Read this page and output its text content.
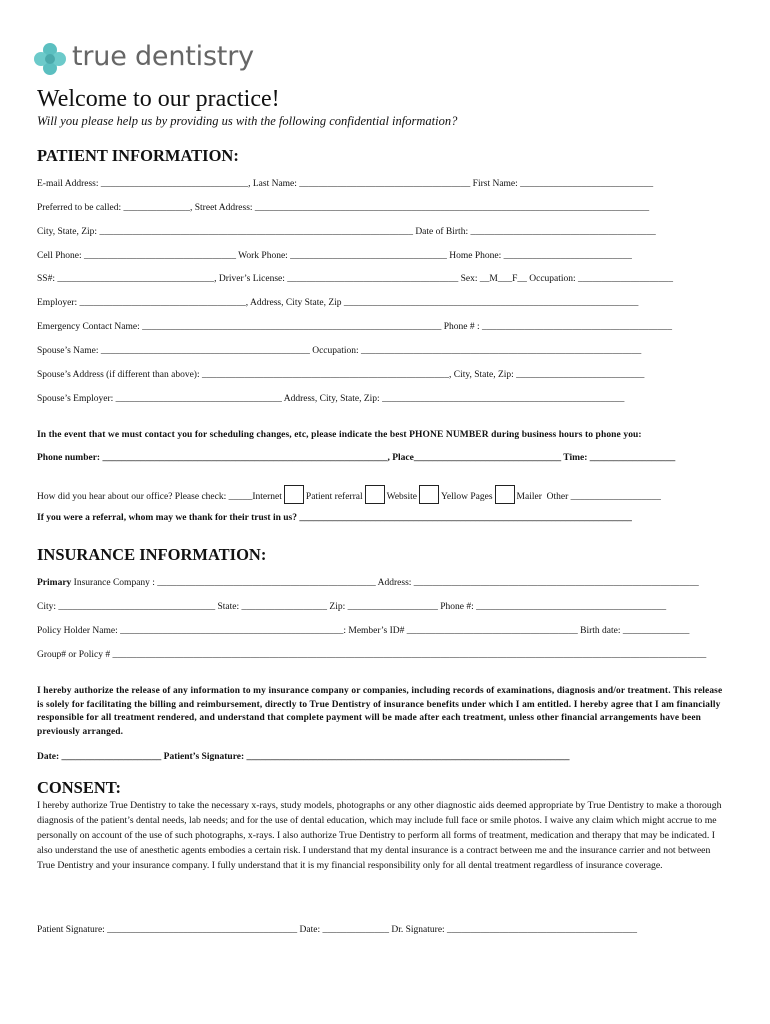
true dentistry
Welcome to our practice!
Will you please help us by providing us with the following confidential information?
PATIENT INFORMATION:
E-mail Address: _______________________________, Last Name: ____________________________________ First Name: ____________________________
Preferred to be called: ______________, Street Address: ___________________________________________________________________________________
City, State, Zip: __________________________________________________________________ Date of Birth: _______________________________________
Cell Phone: ________________________________ Work Phone: _________________________________ Home Phone: ___________________________
SS#: _________________________________, Driver’s License: ____________________________________ Sex: __M___F__ Occupation: ____________________
Employer: ___________________________________, Address, City State, Zip ______________________________________________________________
Emergency Contact Name: _______________________________________________________________ Phone # : ________________________________________
Spouse’s Name: ____________________________________________ Occupation: ___________________________________________________________
Spouse’s Address (if different than above): ____________________________________________________, City, State, Zip: ___________________________
Spouse’s Employer: ___________________________________ Address, City, State, Zip: ___________________________________________________
In the event that we must contact you for scheduling changes, etc, please indicate the best PHONE NUMBER during business hours to phone you:
Phone number: ____________________________________________________________, Place_______________________________ Time: __________________
How did you hear about our office? Please check: _____Internet	Patient referral	Website	Yellow Pages	Mailer Other ___________________
If you were a referral, whom may we thank for their trust in us? ______________________________________________________________________
INSURANCE INFORMATION:
Primary Insurance Company : ______________________________________________ Address: ____________________________________________________________
City: _________________________________ State: __________________ Zip: ___________________ Phone #: ________________________________________
Policy Holder Name: _______________________________________________: Member’s ID# ____________________________________ Birth date: ______________
Group# or Policy # _____________________________________________________________________________________________________________________________
I hereby authorize the release of any information to my insurance company or companies, including records of examinations, diagnosis and/or treatment. This release is solely for facilitating the billing and reimbursement, directly to True Dentistry of insurance benefits under which I am entitled. I hereby agree that I am financially responsible for all treatment rendered, and understand that complete payment will be made after each treatment, unless other financial arrangements have been previously arranged.
Date: _____________________ Patient’s Signature: ____________________________________________________________________
CONSENT:
I hereby authorize True Dentistry to take the necessary x-rays, study models, photographs or any other diagnostic aids deemed appropriate by True Dentistry to make a thorough diagnosis of the patient’s dental needs, lab needs; and for the use of dental education, which may include full face or smile photos. I waive any claim which might accrue to me personally on account of the use of such photographs, x-rays. I also authorize True Dentistry to perform all forms of treatment, medication and therapy that may be indicated. I also understand the use of anesthetic agents embodies a certain risk. I understand that my dental insurance is a contract between me and the insurance carrier and not between True Dentistry and your insurance company. I fully understand that it is my financial responsibility only for all dental treatment regardless of insurance coverage.
Patient Signature: ________________________________________ Date: ______________ Dr. Signature: ________________________________________
